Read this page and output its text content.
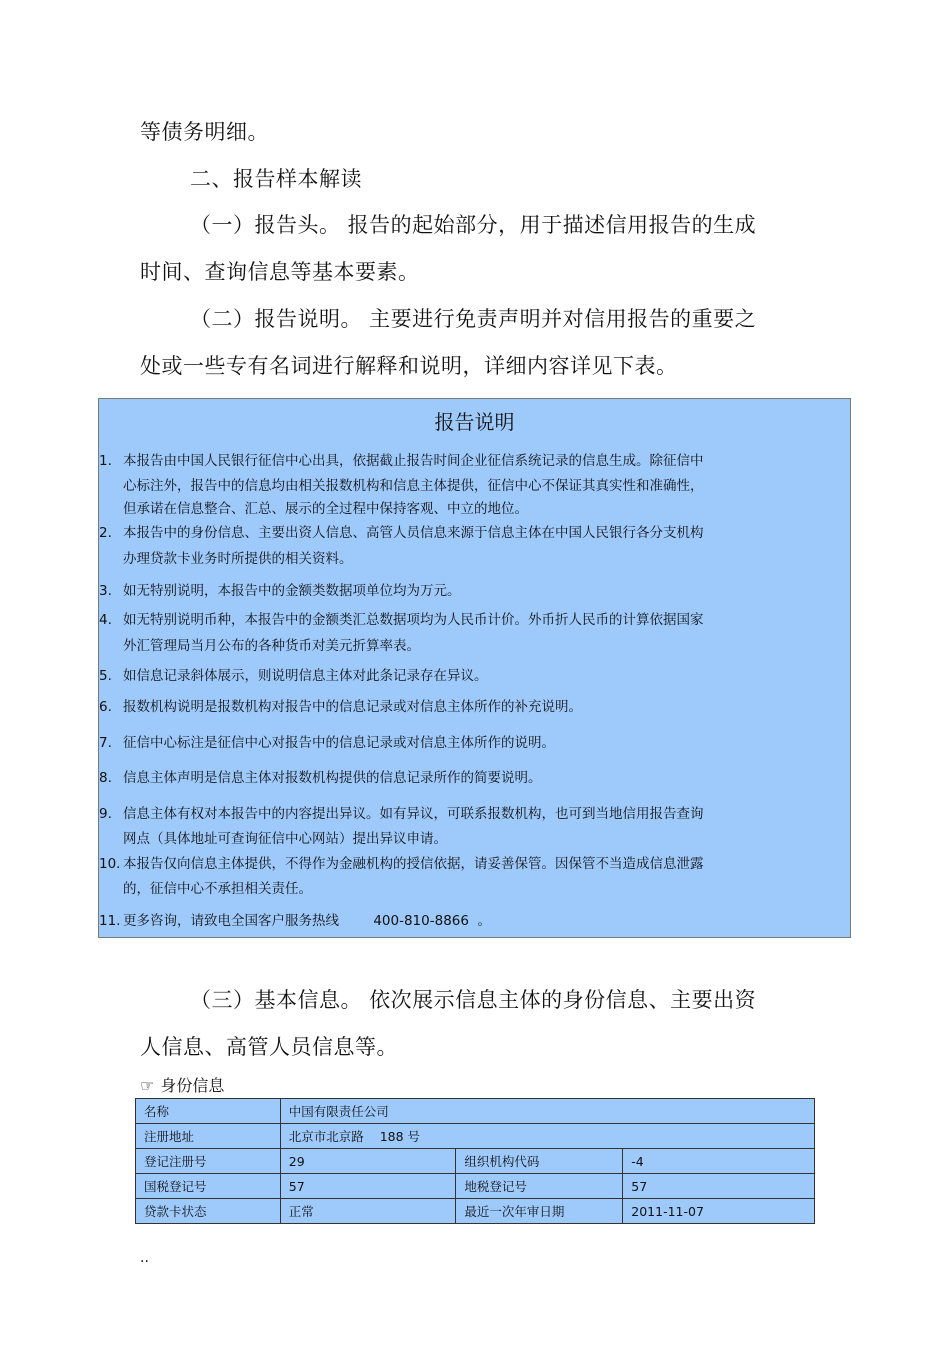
等债务明细。
二、报告样本解读
（一）报告头。 报告的起始部分，用于描述信用报告的生成
时间、查询信息等基本要素。
（二）报告说明。 主要进行免责声明并对信用报告的重要之
处或一些专有名词进行解释和说明，详细内容详见下表。
报告说明
1. 本报告由中国人民银行征信中心出具，依据截止报告时间企业征信系统记录的信息生成。除征信中
心标注外，报告中的信息均由相关报数机构和信息主体提供，征信中心不保证其真实性和准确性，
但承诺在信息整合、汇总、展示的全过程中保持客观、中立的地位。
2. 本报告中的身份信息、主要出资人信息、高管人员信息来源于信息主体在中国人民银行各分支机构
办理贷款卡业务时所提供的相关资料。
3. 如无特别说明，本报告中的金额类数据项单位均为万元。
4. 如无特别说明币种，本报告中的金额类汇总数据项均为人民币计价。外币折人民币的计算依据国家
外汇管理局当月公布的各种货币对美元折算率表。
5. 如信息记录斜体展示，则说明信息主体对此条记录存在异议。
6. 报数机构说明是报数机构对报告中的信息记录或对信息主体所作的补充说明。
7. 征信中心标注是征信中心对报告中的信息记录或对信息主体所作的说明。
8. 信息主体声明是信息主体对报数机构提供的信息记录所作的简要说明。
9. 信息主体有权对本报告中的内容提出异议。如有异议，可联系报数机构，也可到当地信用报告查询
网点（具体地址可查询征信中心网站）提出异议申请。
10. 本报告仅向信息主体提供，不得作为金融机构的授信依据，请妥善保管。因保管不当造成信息泄露
的，征信中心不承担相关责任。
11. 更多咨询，请致电全国客户服务热线        400-810-8866  。
（三）基本信息。 依次展示信息主体的身份信息、主要出资
人信息、高管人员信息等。
☞ 身份信息
名称	中国有限责任公司		
注册地址	北京市北京路    188 号		
登记注册号	29	组织机构代码	-4
国税登记号	57	地税登记号	57
贷款卡状态	正常	最近一次年审日期	2011-11-07
..
